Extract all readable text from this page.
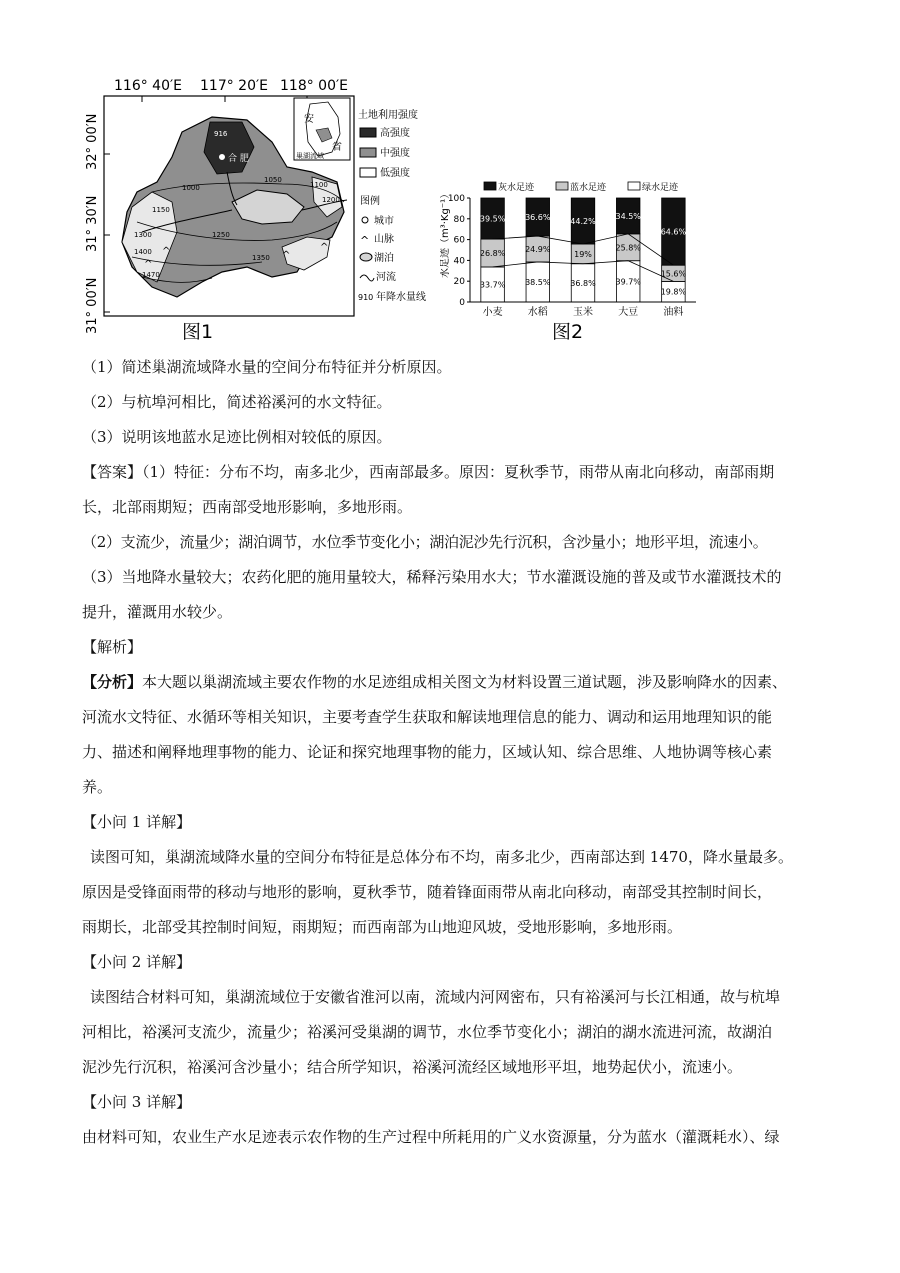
116° 40′E 117° 20′E 118° 00′E
32° 00′N
31° 30′N
31° 00′N
^
^	^
^
合 肥
916
1000
1050
1100
1150
1200
1250
1300
1350
1400
1470
安
省
巢湖流域
土地利用强度
高强度
中强度
低强度
图例
城市
^ 山脉
湖泊
河流
910 年降水量线
图1
灰水足迹	蓝水足迹	绿水足迹
0
20
40
60
80
100
33.7%
26.8%
39.5%
38.5%
24.9%
36.6%
36.8%
19%
44.2%
39.7%
25.8%
34.5%
19.8%
15.6%
64.6%
小麦	水稻	玉米	大豆	油料
水足迹（m³·Kg⁻¹）
图2
（1）简述巢湖流域降水量的空间分布特征并分析原因。
（2）与杭埠河相比，简述裕溪河的水文特征。
（3）说明该地蓝水足迹比例相对较低的原因。
【答案】（1）特征：分布不均，南多北少，西南部最多。原因：夏秋季节，雨带从南北向移动，南部雨期
长，北部雨期短；西南部受地形影响，多地形雨。
（2）支流少，流量少；湖泊调节，水位季节变化小；湖泊泥沙先行沉积，含沙量小；地形平坦，流速小。
（3）当地降水量较大；农药化肥的施用量较大，稀释污染用水大；节水灌溉设施的普及或节水灌溉技术的
提升，灌溉用水较少。
【解析】
【分析】本大题以巢湖流域主要农作物的水足迹组成相关图文为材料设置三道试题，涉及影响降水的因素、
河流水文特征、水循环等相关知识，主要考查学生获取和解读地理信息的能力、调动和运用地理知识的能
力、描述和阐释地理事物的能力、论证和探究地理事物的能力，区域认知、综合思维、人地协调等核心素
养。
【小问 1 详解】
读图可知，巢湖流域降水量的空间分布特征是总体分布不均，南多北少，西南部达到 1470，降水量最多。
原因是受锋面雨带的移动与地形的影响，夏秋季节，随着锋面雨带从南北向移动，南部受其控制时间长，
雨期长，北部受其控制时间短，雨期短；而西南部为山地迎风坡，受地形影响，多地形雨。
【小问 2 详解】
读图结合材料可知，巢湖流域位于安徽省淮河以南，流域内河网密布，只有裕溪河与长江相通，故与杭埠
河相比，裕溪河支流少，流量少；裕溪河受巢湖的调节，水位季节变化小；湖泊的湖水流进河流，故湖泊
泥沙先行沉积，裕溪河含沙量小；结合所学知识，裕溪河流经区域地形平坦，地势起伏小，流速小。
【小问 3 详解】
由材料可知，农业生产水足迹表示农作物的生产过程中所耗用的广义水资源量，分为蓝水（灌溉耗水）、绿
